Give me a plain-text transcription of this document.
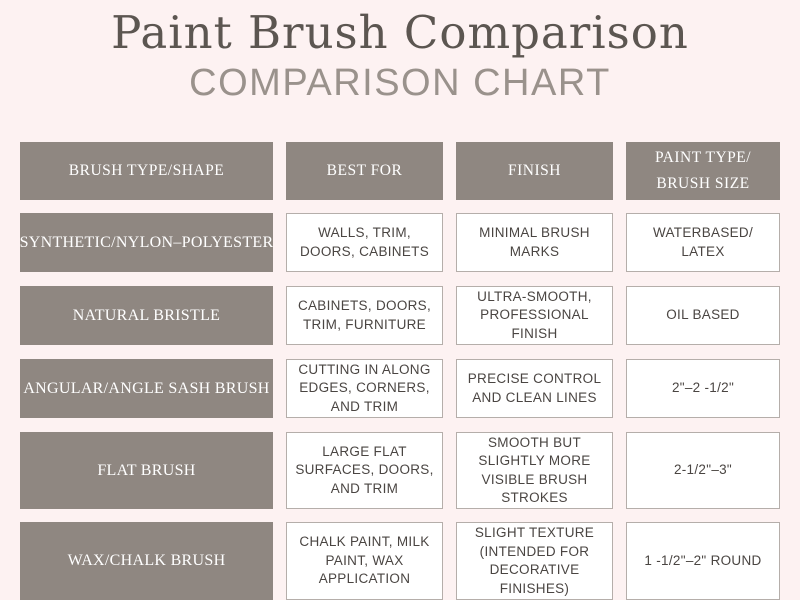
Paint Brush Comparison
COMPARISON CHART
BRUSH TYPE/SHAPE	BEST FOR	FINISH
PAINT TYPE/
BRUSH SIZE
SYNTHETIC/NYLON–POLYESTER
WALLS, TRIM, DOORS, CABINETS
MINIMAL BRUSH MARKS
WATERBASED/ LATEX
NATURAL BRISTLE
CABINETS, DOORS, TRIM, FURNITURE
ULTRA-SMOOTH, PROFESSIONAL FINISH
OIL BASED
ANGULAR/ANGLE SASH BRUSH
CUTTING IN ALONG EDGES, CORNERS, AND TRIM
PRECISE CONTROL AND CLEAN LINES
2"–2 -1/2"
FLAT BRUSH
LARGE FLAT SURFACES, DOORS, AND TRIM
SMOOTH BUT SLIGHTLY MORE VISIBLE BRUSH STROKES
2-1/2"–3"
WAX/CHALK BRUSH
CHALK PAINT, MILK PAINT, WAX APPLICATION
SLIGHT TEXTURE (INTENDED FOR DECORATIVE FINISHES)
1 -1/2"–2" ROUND
